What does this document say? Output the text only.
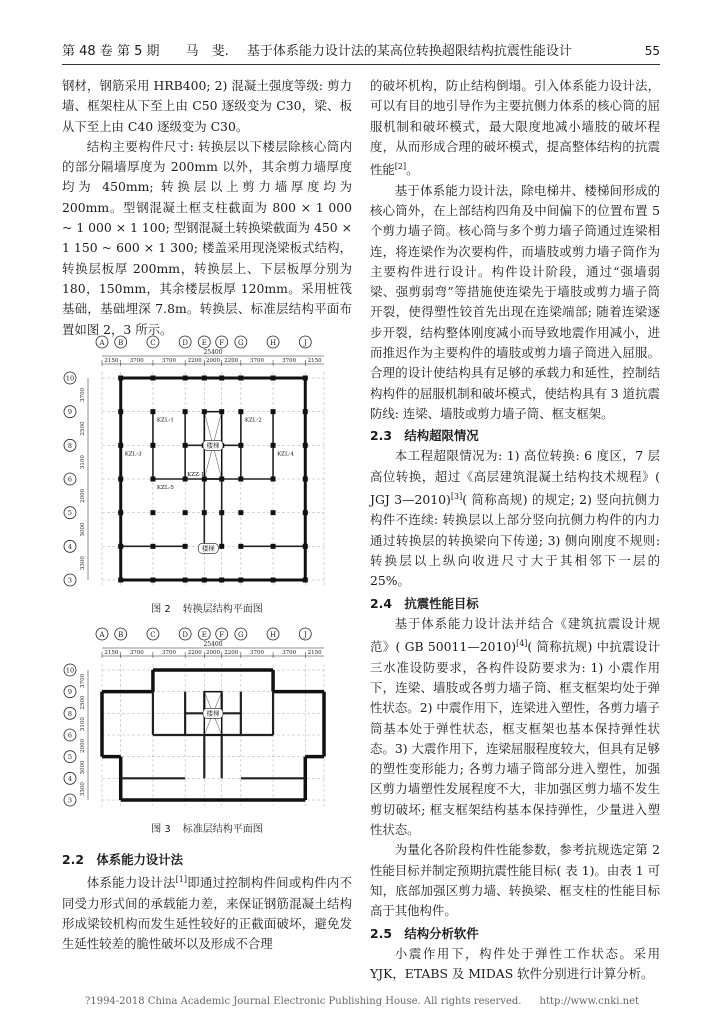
第 48 卷 第 5 期 马　斐. 基于体系能力设计法的某高位转换超限结构抗震性能设计	55

钢材，钢筋采用 HRB400; 2) 混凝土强度等级: 剪力墙、框架柱从下至上由 C50 逐级变为 C30，梁、板从下至上由 C40 逐级变为 C30。

结构主要构件尺寸: 转换层以下楼层除核心筒内的部分隔墙厚度为 200mm 以外，其余剪力墙厚度均为 450mm; 转换层以上剪力墙厚度均为 200mm。型钢混凝土框支柱截面为 800 × 1 000 ~ 1 000 × 1 100; 型钢混凝土转换梁截面为 450 × 1 150 ~ 600 × 1 300; 楼盖采用现浇梁板式结构，转换层板厚 200mm，转换层上、下层板厚分别为 180，150mm，其余楼层板厚 120mm。采用桩筏基础，基础埋深 7.8m。转换层、标准层结构平面布置如图 2，3 所示。

A B	C	D E F G	H	J
25400
2150 3700	3700 2200 2000 2200 3700	3700 2150
10
9
8
6
5
4
3
3700
2500
3100
2000
3000
3300
KZL-1	KZL-2
KZL-3	KZL-4
KZL-5
KZZ-1
楼梯
楼梯
图 2 转换层结构平面图
A B	C	D E F G	H	J
25400
2150 3700	3700 2200 2000 2200 3700	3700 2150
10
9
8
6
5
4
3
3700
2500
3100
2000
3000
3300
楼梯
图 3 标准层结构平面图
2.2　体系能力设计法

体系能力设计法[1]即通过控制构件间或构件内不同受力形式间的承载能力差，来保证钢筋混凝土结构形成梁铰机构而发生延性较好的正截面破坏，避免发生延性较差的脆性破坏以及形成不合理

的破坏机构，防止结构倒塌。引入体系能力设计法，可以有目的地引导作为主要抗侧力体系的核心筒的屈服机制和破坏模式，最大限度地减小墙肢的破坏程度，从而形成合理的破坏模式，提高整体结构的抗震性能[2]。

基于体系能力设计法，除电梯井、楼梯间形成的核心筒外，在上部结构四角及中间偏下的位置布置 5 个剪力墙子筒。核心筒与多个剪力墙子筒通过连梁相连，将连梁作为次要构件，而墙肢或剪力墙子筒作为主要构件进行设计。构件设计阶段，通过“强墙弱梁、强剪弱弯”等措施使连梁先于墙肢或剪力墙子筒开裂，使得塑性铰首先出现在连梁端部; 随着连梁逐步开裂，结构整体刚度减小而导致地震作用减小，进而推迟作为主要构件的墙肢或剪力墙子筒进入屈服。合理的设计使结构具有足够的承载力和延性，控制结构构件的屈服机制和破坏模式，使结构具有 3 道抗震防线: 连梁、墙肢或剪力墙子筒、框支框架。

2.3　结构超限情况

本工程超限情况为: 1) 高位转换: 6 度区，7 层高位转换，超过《高层建筑混凝土结构技术规程》( JGJ 3—2010)[3]( 简称高规) 的规定; 2) 竖向抗侧力构件不连续: 转换层以上部分竖向抗侧力构件的内力通过转换层的转换梁向下传递; 3) 侧向刚度不规则: 转换层以上纵向收进尺寸大于其相邻下一层的 25%。

2.4　抗震性能目标

基于体系能力设计法并结合《建筑抗震设计规范》( GB 50011—2010)[4]( 简称抗规) 中抗震设计三水准设防要求，各构件设防要求为: 1) 小震作用下，连梁、墙肢或各剪力墙子筒、框支框架均处于弹性状态。2) 中震作用下，连梁进入塑性，各剪力墙子筒基本处于弹性状态，框支框架也基本保持弹性状态。3) 大震作用下，连梁屈服程度较大，但具有足够的塑性变形能力; 各剪力墙子筒部分进入塑性，加强区剪力墙塑性发展程度不大，非加强区剪力墙不发生剪切破坏; 框支框架结构基本保持弹性，少量进入塑性状态。

为量化各阶段构件性能参数，参考抗规选定第 2 性能目标并制定预期抗震性能目标( 表 1)。由表 1 可知，底部加强区剪力墙、转换梁、框支柱的性能目标高于其他构件。

2.5　结构分析软件

小震作用下，构件处于弹性工作状态。采用 YJK，ETABS 及 MIDAS 软件分别进行计算分析。

?1994-2018 China Academic Journal Electronic Publishing House. All rights reserved. http://www.cnki.net
